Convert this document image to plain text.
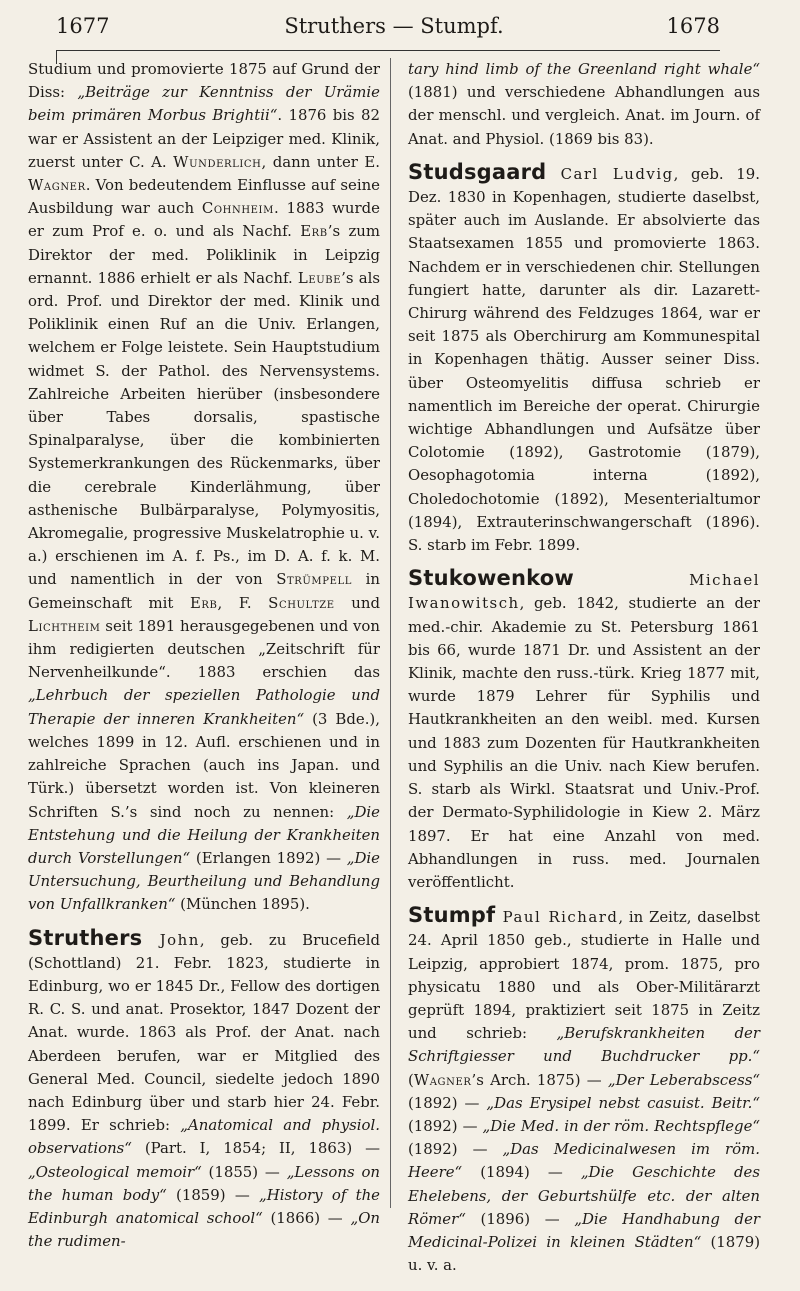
1677	Struthers — Stumpf.	1678

Studium und promovierte 1875 auf Grund der Diss: „Beiträge zur Kenntniss der Urämie beim primären Morbus Brightii“. 1876 bis 82 war er Assistent an der Leipziger med. Klinik, zuerst unter C. A. Wunderlich, dann unter E. Wagner. Von bedeutendem Einflusse auf seine Ausbildung war auch Cohnheim. 1883 wurde er zum Prof e. o. und als Nachf. Erb’s zum Direktor der med. Poliklinik in Leipzig ernannt. 1886 erhielt er als Nachf. Leube’s als ord. Prof. und Direktor der med. Klinik und Poliklinik einen Ruf an die Univ. Erlangen, welchem er Folge leistete. Sein Hauptstudium widmet S. der Pathol. des Nervensystems. Zahlreiche Arbeiten hierüber (insbesondere über Tabes dorsalis, spastische Spinalparalyse, über die kombinierten Systemerkrankungen des Rückenmarks, über die cerebrale Kinderlähmung, über asthenische Bulbärparalyse, Polymyositis, Akromegalie, progressive Muskelatrophie u. v. a.) erschienen im A. f. Ps., im D. A. f. k. M. und namentlich in der von Strümpell in Gemeinschaft mit Erb, F. Schultze und Lichtheim seit 1891 herausgegebenen und von ihm redigierten deutschen „Zeitschrift für Nervenheilkunde“. 1883 erschien das „Lehrbuch der speziellen Pathologie und Therapie der inneren Krankheiten“ (3 Bde.), welches 1899 in 12. Aufl. erschienen und in zahlreiche Sprachen (auch ins Japan. und Türk.) übersetzt worden ist. Von kleineren Schriften S.’s sind noch zu nennen: „Die Entstehung und die Heilung der Krankheiten durch Vorstellungen“ (Erlangen 1892) — „Die Untersuchung, Beurtheilung und Behandlung von Unfallkranken“ (München 1895).

Struthers John, geb. zu Brucefield (Schottland) 21. Febr. 1823, studierte in Edinburg, wo er 1845 Dr., Fellow des dortigen R. C. S. und anat. Prosektor, 1847 Dozent der Anat. wurde. 1863 als Prof. der Anat. nach Aberdeen berufen, war er Mitglied des General Med. Council, siedelte jedoch 1890 nach Edinburg über und starb hier 24. Febr. 1899. Er schrieb: „Anatomical and physiol. observations“ (Part. I, 1854; II, 1863) — „Osteological memoir“ (1855) — „Lessons on the human body“ (1859) — „History of the Edinburgh anatomical school“ (1866) — „On the rudimen-

tary hind limb of the Greenland right whale“ (1881) und verschiedene Abhandlungen aus der menschl. und vergleich. Anat. im Journ. of Anat. and Physiol. (1869 bis 83).

Studsgaard Carl Ludvig, geb. 19. Dez. 1830 in Kopenhagen, studierte daselbst, später auch im Auslande. Er absolvierte das Staatsexamen 1855 und promovierte 1863. Nachdem er in verschiedenen chir. Stellungen fungiert hatte, darunter als dir. Lazarett-Chirurg während des Feldzuges 1864, war er seit 1875 als Oberchirurg am Kommunespital in Kopenhagen thätig. Ausser seiner Diss. über Osteomyelitis diffusa schrieb er namentlich im Bereiche der operat. Chirurgie wichtige Abhandlungen und Aufsätze über Colotomie (1892), Gastrotomie (1879), Oesophagotomia interna (1892), Choledochotomie (1892), Mesenterialtumor (1894), Extrauterinschwangerschaft (1896). S. starb im Febr. 1899.

Stukowenkow Michael Iwanowitsch, geb. 1842, studierte an der med.-chir. Akademie zu St. Petersburg 1861 bis 66, wurde 1871 Dr. und Assistent an der Klinik, machte den russ.-türk. Krieg 1877 mit, wurde 1879 Lehrer für Syphilis und Hautkrankheiten an den weibl. med. Kursen und 1883 zum Dozenten für Hautkrankheiten und Syphilis an die Univ. nach Kiew berufen. S. starb als Wirkl. Staatsrat und Univ.-Prof. der Dermato-Syphilidologie in Kiew 2. März 1897. Er hat eine Anzahl von med. Abhandlungen in russ. med. Journalen veröffentlicht.

Stumpf Paul Richard, in Zeitz, daselbst 24. April 1850 geb., studierte in Halle und Leipzig, approbiert 1874, prom. 1875, pro physicatu 1880 und als Ober-Militärarzt geprüft 1894, praktiziert seit 1875 in Zeitz und schrieb: „Berufskrankheiten der Schriftgiesser und Buchdrucker pp.“ (Wagner’s Arch. 1875) — „Der Leberabscess“ (1892) — „Das Erysipel nebst casuist. Beitr.“ (1892) — „Die Med. in der röm. Rechtspflege“ (1892) — „Das Medicinalwesen im röm. Heere“ (1894) — „Die Geschichte des Ehelebens, der Geburtshülfe etc. der alten Römer“ (1896) — „Die Handhabung der Medicinal-Polizei in kleinen Städten“ (1879) u. v. a.
